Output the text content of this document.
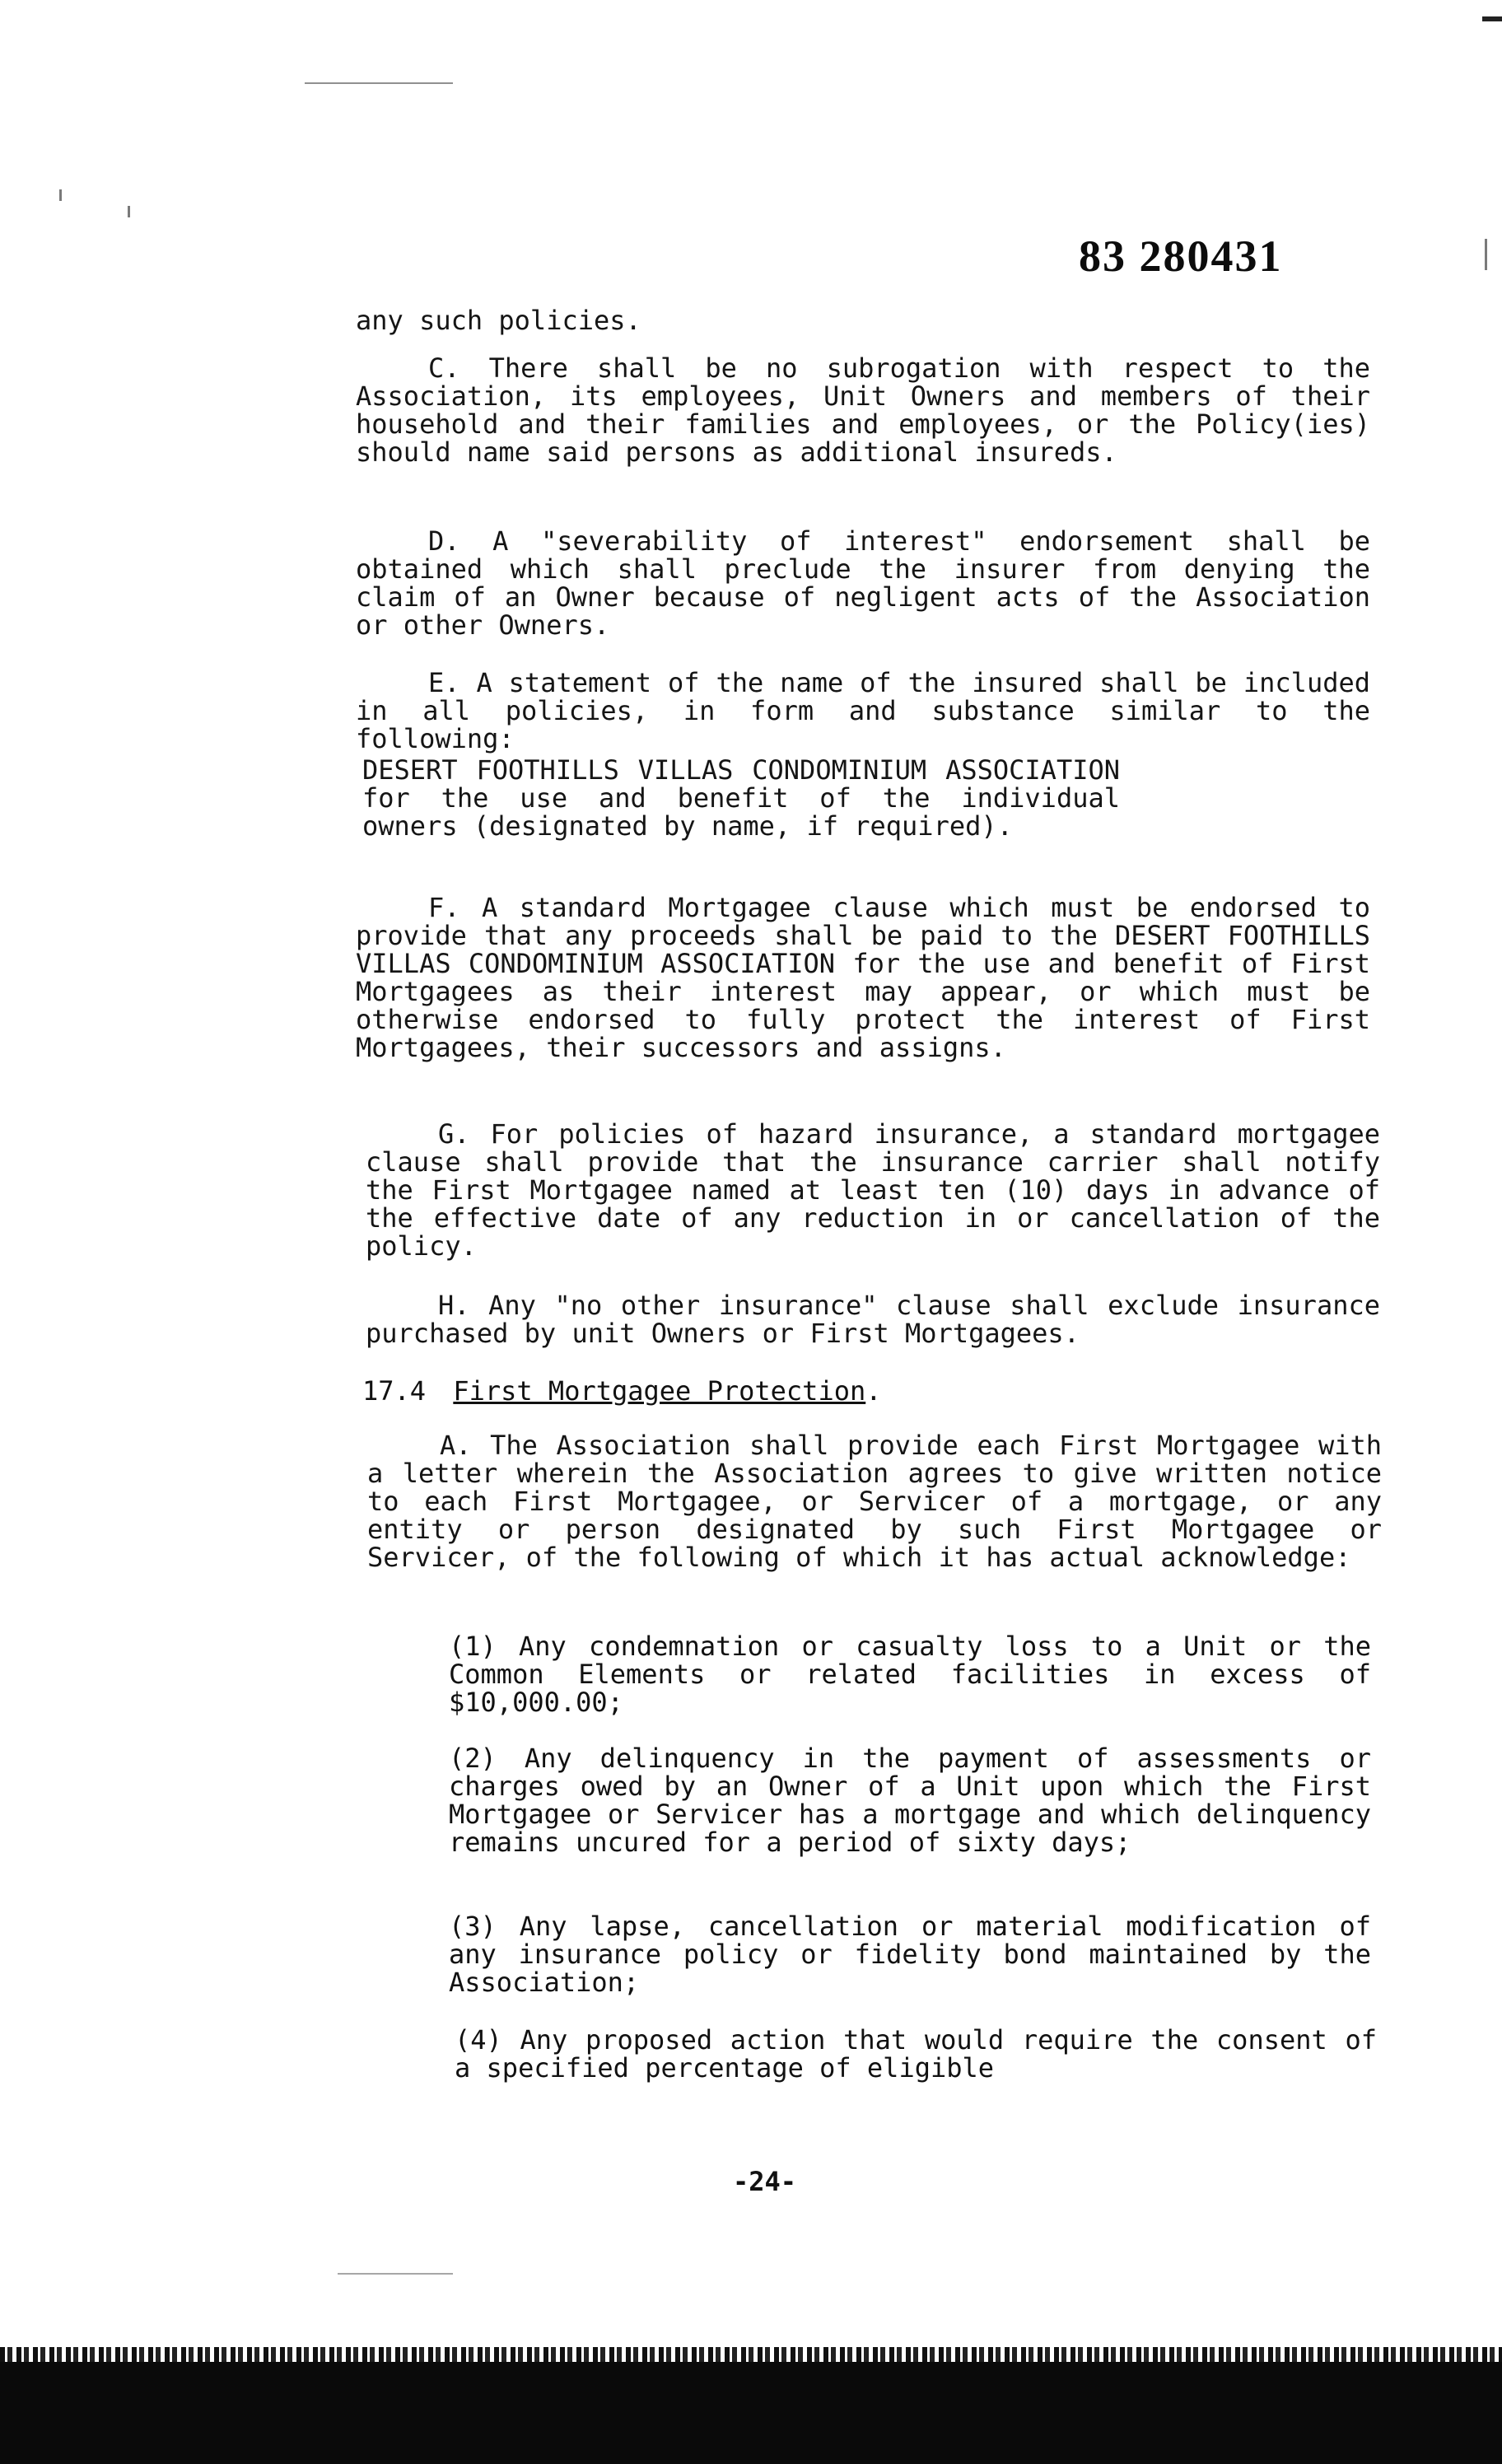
83 280431
any such policies.
C. There shall be no subrogation with respect to the Association, its employees, Unit Owners and members of their household and their families and employees, or the Policy(ies) should name said persons as additional insureds.
D. A "severability of interest" endorsement shall be obtained which shall preclude the insurer from denying the claim of an Owner because of negligent acts of the Association or other Owners.
E. A statement of the name of the insured shall be included in all policies, in form and substance similar to the following:
DESERT FOOTHILLS VILLAS CONDOMINIUM ASSOCIATION for the use and benefit of the individual owners (designated by name, if required).
F. A standard Mortgagee clause which must be endorsed to provide that any proceeds shall be paid to the DESERT FOOTHILLS VILLAS CONDOMINIUM ASSOCIATION for the use and benefit of First Mortgagees as their interest may appear, or which must be otherwise endorsed to fully protect the interest of First Mortgagees, their successors and assigns.
G. For policies of hazard insurance, a standard mortgagee clause shall provide that the insurance carrier shall notify the First Mortgagee named at least ten (10) days in advance of the effective date of any reduction in or cancellation of the policy.
H. Any "no other insurance" clause shall exclude insurance purchased by unit Owners or First Mortgagees.
A. The Association shall provide each First Mortgagee with a letter wherein the Association agrees to give written notice to each First Mortgagee, or Servicer of a mortgage, or any entity or person designated by such First Mortgagee or Servicer, of the following of which it has actual acknowledge:
17.4 First Mortgagee Protection.
(1) Any condemnation or casualty loss to a Unit or the Common Elements or related facilities in excess of $10,000.00;
(2) Any delinquency in the payment of assessments or charges owed by an Owner of a Unit upon which the First Mortgagee or Servicer has a mortgage and which delinquency remains uncured for a period of sixty days;
(3) Any lapse, cancellation or material modification of any insurance policy or fidelity bond maintained by the Association;
(4) Any proposed action that would require the consent of a specified percentage of eligible
-24-
